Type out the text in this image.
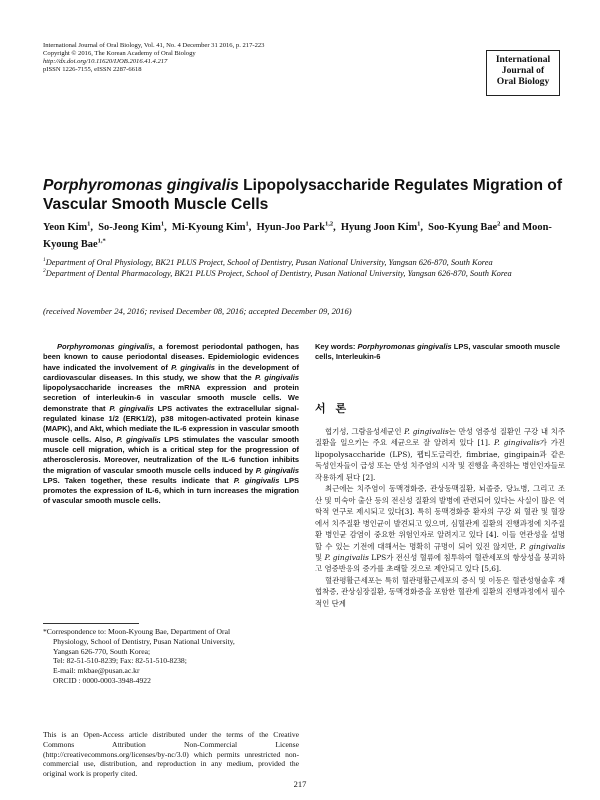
International Journal of Oral Biology, Vol. 41, No. 4 December 31 2016, p. 217-223
Copyright © 2016, The Korean Academy of Oral Biology
http://dx.doi.org/10.11620/IJOB.2016.41.4.217
pISSN 1226-7155, eISSN 2287-6618
International
Journal of
Oral Biology
Porphyromonas gingivalis Lipopolysaccharide Regulates Migration of Vascular Smooth Muscle Cells
Yeon Kim$^1$,  So-Jeong Kim$^1$,  Mi-Kyoung Kim$^1$,  Hyun-Joo Park$^{1,2}$,  Hyung Joon Kim$^1$,  Soo-Kyung Bae$^2$ and Moon-Kyoung Bae$^{1,*}$
$^1$Department of Oral Physiology, BK21 PLUS Project, School of Dentistry, Pusan National University, Yangsan 626-870, South Korea
$^2$Department of Dental Pharmacology, BK21 PLUS Project, School of Dentistry, Pusan National University, Yangsan 626-870, South Korea
(received November 24, 2016; revised December 08, 2016; accepted December 09, 2016)

Porphyromonas gingivalis, a foremost periodontal pathogen, has been known to cause periodontal diseases. Epidemiologic evidences have indicated the involvement of P. gingivalis in the development of cardiovascular diseases. In this study, we show that the P. gingivalis lipopolysaccharide increases the mRNA expression and protein secretion of interleukin-6 in vascular smooth muscle cells. We demonstrate that P. gingivalis LPS activates the extracellular signal-regulated kinase 1/2 (ERK1/2), p38 mitogen-activated protein kinase (MAPK), and Akt, which mediate the IL-6 expression in vascular smooth muscle cells. Also, P. gingivalis LPS stimulates the vascular smooth muscle cell migration, which is a critical step for the progression of atherosclerosis. Moreover, neutralization of the IL-6 function inhibits the migration of vascular smooth muscle cells induced by P. gingivalis LPS. Taken together, these results indicate that P. gingivalis LPS promotes the expression of IL-6, which in turn increases the migration of vascular smooth muscle cells.

Key words: Porphyromonas gingivalis LPS, vascular smooth muscle cells, Interleukin-6
*Correspondence to: Moon-Kyoung Bae, Department of Oral
Physiology, School of Dentistry, Pusan National University,
Yangsan 626-770, South Korea;
Tel: 82-51-510-8239; Fax: 82-51-510-8238;
E-mail: mkbae@pusan.ac.kr
ORCID : 0000-0003-3948-4922
This is an Open-Access article distributed under the terms of the Creative Commons Attribution Non-Commercial License (http://creativecommons.org/licenses/by-nc/3.0) which permits unrestricted non-commercial use, distribution, and reproduction in any medium, provided the original work is properly cited.
서 론

협기성, 그람음성세균인 P. gingivalis는 만성 염증성 질환인 구강 내 치주질환을 일으키는 주요 세균으로 잘 알려져 있다 [1]. P. gingivalis가 가진 lipopolysaccharide (LPS), 펩티도글리칸, fimbriae, gingipain과 같은 독성인자들이 급성 또는 만성 치주염의 시작 및 진행을 촉진하는 병인인자들로 작용하게 된다 [2].

최근에는 치주염이 동맥경화증, 관상동맥질환, 뇌졸증, 당뇨병, 그리고 조산 및 미숙아 출산 등의 전신성 질환의 발병에 관련되어 있다는 사실이 많은 역학적 연구로 제시되고 있다[3]. 특히 동맥경화증 환자의 구강 외 혈관 및 혈장에서 치주질환 병인균이 발견되고 있으며, 심혈관계 질환의 진행과정에 치주질환 병인균 감염이 중요한 위험인자로 알려지고 있다 [4]. 이들 연관성을 설명할 수 있는 기전에 대해서는 명확히 규명이 되어 있진 않지만, P. gingivalis 및 P. gingivalis LPS가 전신성 혈류에 침투하여 혈관세포의 항상성을 붕괴하고 염증반응의 증가를 초래할 것으로 제안되고 있다 [5,6].

혈관평활근세포는 특히 혈관평활근세포의 증식 및 이동은 혈관성형술후 재협착증, 관상심장질환, 동맥경화증을 포함한 혈관계 질환의 진행과정에서 필수적인 단계

217
